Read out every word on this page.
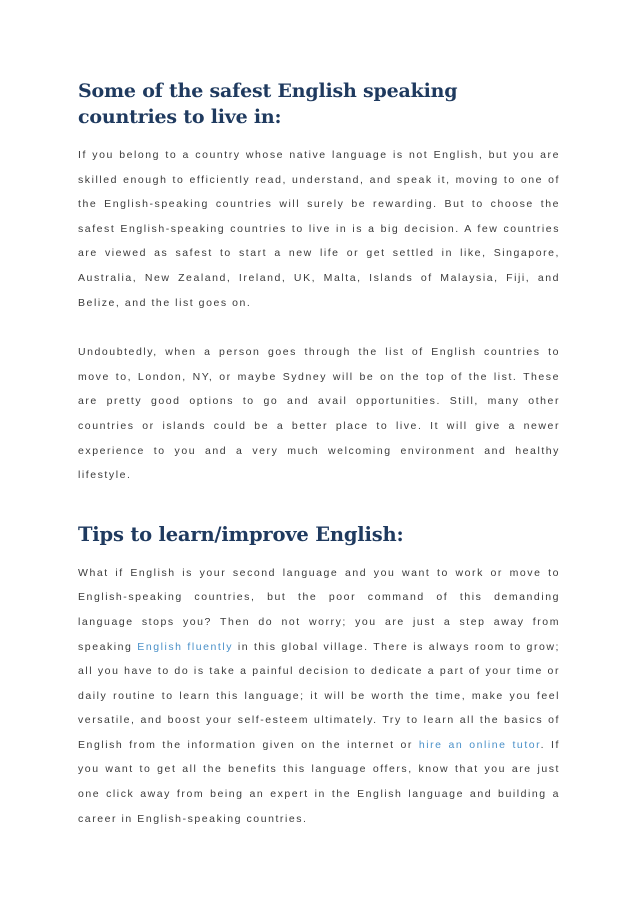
Some of the safest English speaking countries to live in:

If you belong to a country whose native language is not English, but you are skilled enough to efficiently read, understand, and speak it, moving to one of the English-speaking countries will surely be rewarding. But to choose the safest English-speaking countries to live in is a big decision. A few countries are viewed as safest to start a new life or get settled in like, Singapore, Australia, New Zealand, Ireland, UK, Malta, Islands of Malaysia, Fiji, and Belize, and the list goes on.

Undoubtedly, when a person goes through the list of English countries to move to, London, NY, or maybe Sydney will be on the top of the list. These are pretty good options to go and avail opportunities. Still, many other countries or islands could be a better place to live. It will give a newer experience to you and a very much welcoming environment and healthy lifestyle.

Tips to learn/improve English:

What if English is your second language and you want to work or move to English-speaking countries, but the poor command of this demanding language stops you? Then do not worry; you are just a step away from speaking English fluently in this global village. There is always room to grow; all you have to do is take a painful decision to dedicate a part of your time or daily routine to learn this language; it will be worth the time, make you feel versatile, and boost your self-esteem ultimately. Try to learn all the basics of English from the information given on the internet or hire an online tutor. If you want to get all the benefits this language offers, know that you are just one click away from being an expert in the English language and building a career in English-speaking countries.
